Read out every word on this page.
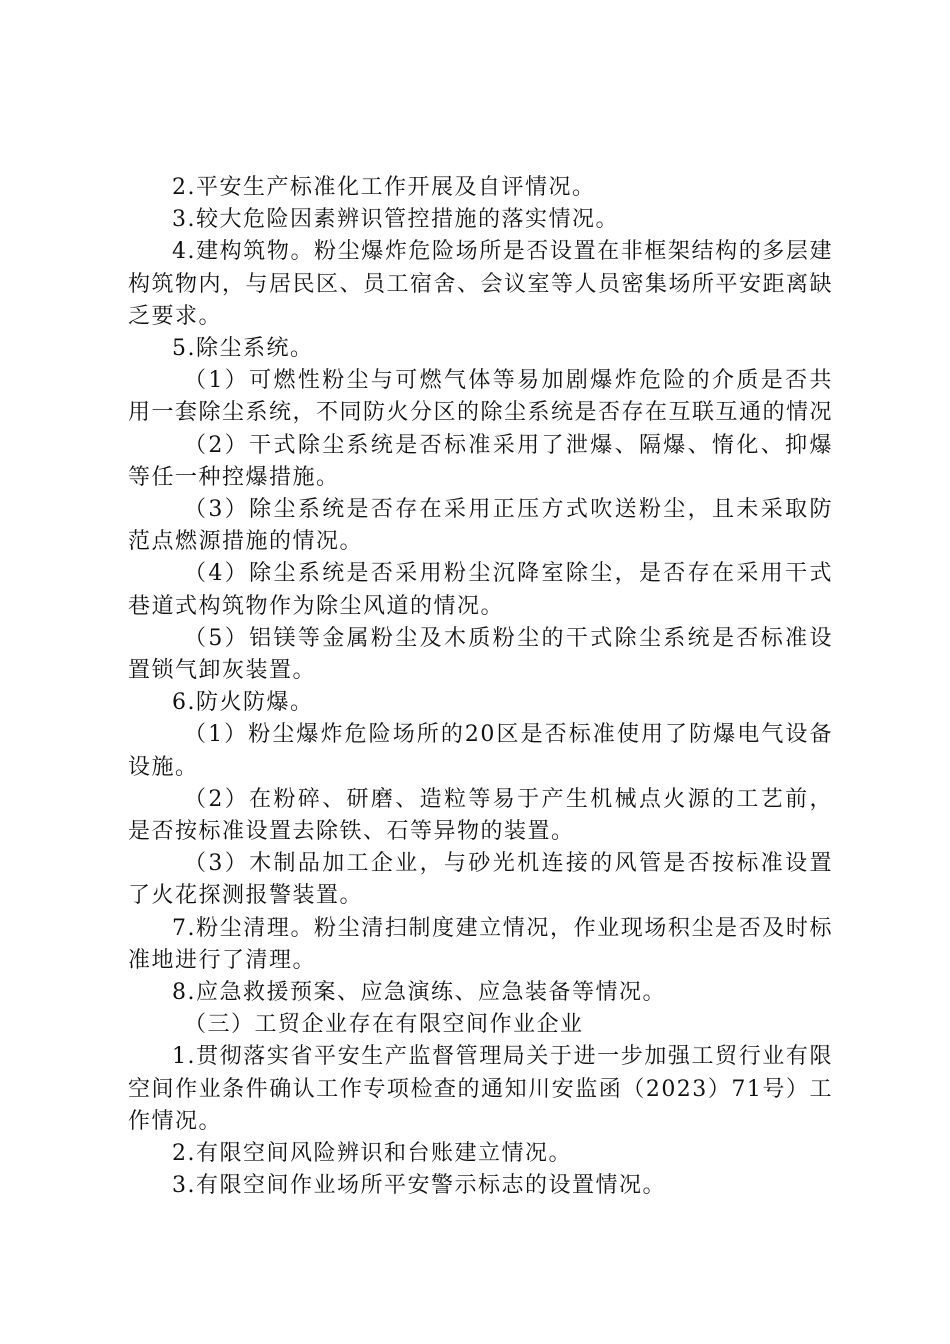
2.平安生产标准化工作开展及自评情况。

3.较大危险因素辨识管控措施的落实情况。

4.建构筑物。粉尘爆炸危险场所是否设置在非框架结构的多层建构筑物内，与居民区、员工宿舍、会议室等人员密集场所平安距离缺乏要求。

5.除尘系统。

（1）可燃性粉尘与可燃气体等易加剧爆炸危险的介质是否共用一套除尘系统，不同防火分区的除尘系统是否存在互联互通的情况

（2）干式除尘系统是否标准采用了泄爆、隔爆、惰化、抑爆等任一种控爆措施。

（3）除尘系统是否存在采用正压方式吹送粉尘，且未采取防范点燃源措施的情况。

（4）除尘系统是否采用粉尘沉降室除尘，是否存在采用干式巷道式构筑物作为除尘风道的情况。

（5）铝镁等金属粉尘及木质粉尘的干式除尘系统是否标准设置锁气卸灰装置。

6.防火防爆。

（1）粉尘爆炸危险场所的20区是否标准使用了防爆电气设备设施。

（2）在粉碎、研磨、造粒等易于产生机械点火源的工艺前，是否按标准设置去除铁、石等异物的装置。

（3）木制品加工企业，与砂光机连接的风管是否按标准设置了火花探测报警装置。

7.粉尘清理。粉尘清扫制度建立情况，作业现场积尘是否及时标准地进行了清理。

8.应急救援预案、应急演练、应急装备等情况。

（三）工贸企业存在有限空间作业企业

1.贯彻落实省平安生产监督管理局关于进一步加强工贸行业有限空间作业条件确认工作专项检查的通知川安监函（2023）71号）工作情况。

2.有限空间风险辨识和台账建立情况。

3.有限空间作业场所平安警示标志的设置情况。
